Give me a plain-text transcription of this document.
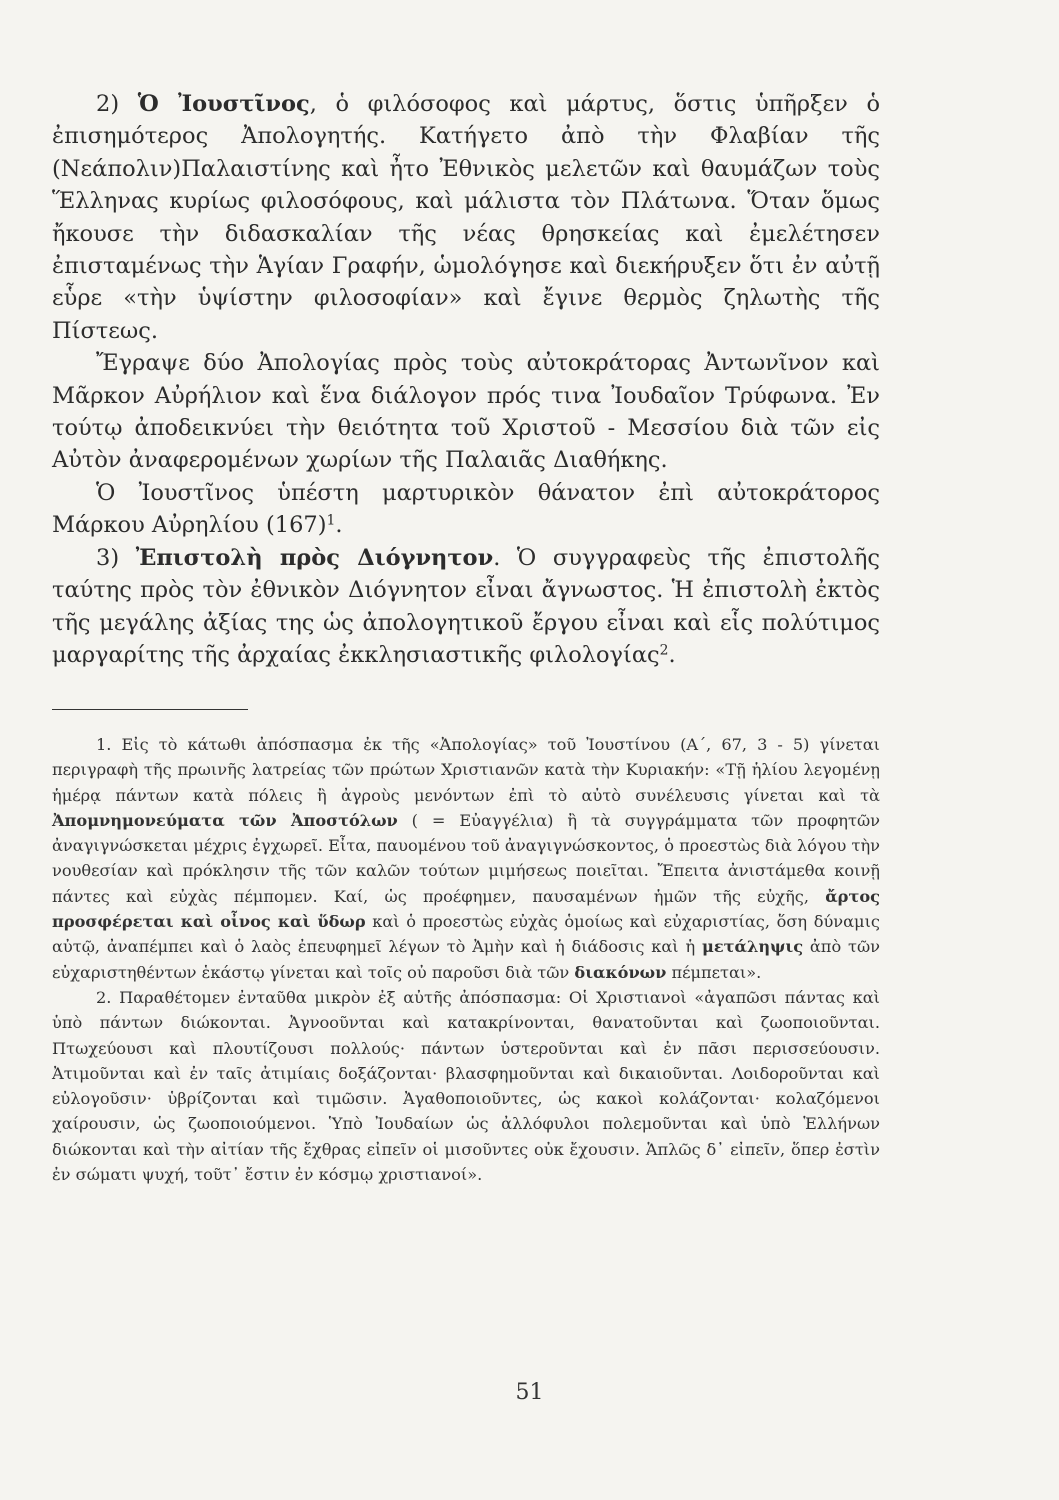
2) Ὁ Ἰουστῖνος, ὁ φιλόσοφος καὶ μάρτυς, ὅστις ὑπῆρξεν ὁ ἐπισημότερος Ἀπολογητής. Κατήγετο ἀπὸ τὴν Φλαβίαν τῆς (Νεάπολιν)Παλαιστίνης καὶ ἦτο Ἐθνικὸς μελετῶν καὶ θαυμάζων τοὺς Ἕλληνας κυρίως φιλοσόφους, καὶ μάλιστα τὸν Πλάτωνα. Ὅταν ὅμως ἤκουσε τὴν διδασκαλίαν τῆς νέας θρησκείας καὶ ἐμελέτησεν ἐπισταμένως τὴν Ἁγίαν Γραφήν, ὡμολόγησε καὶ διεκήρυξεν ὅτι ἐν αὐτῇ εὗρε «τὴν ὑψίστην φιλοσοφίαν» καὶ ἔγινε θερμὸς ζηλωτὴς τῆς Πίστεως.

Ἔγραψε δύο Ἀπολογίας πρὸς τοὺς αὐτοκράτορας Ἀντωνῖνον καὶ Μᾶρκον Αὐρήλιον καὶ ἕνα διάλογον πρός τινα Ἰουδαῖον Τρύφωνα. Ἐν τούτῳ ἀποδεικνύει τὴν θειότητα τοῦ Χριστοῦ - Μεσσίου διὰ τῶν εἰς Αὐτὸν ἀναφερομένων χωρίων τῆς Παλαιᾶς Διαθήκης.

Ὁ Ἰουστῖνος ὑπέστη μαρτυρικὸν θάνατον ἐπὶ αὐτοκράτορος Μάρκου Αὐρηλίου $(167)^1$.

3) Ἐπιστολὴ πρὸς Διόγνητον. Ὁ συγγραφεὺς τῆς ἐπιστολῆς ταύτης πρὸς τὸν ἐθνικὸν Διόγνητον εἶναι ἄγνωστος. Ἡ ἐπιστολὴ ἐκτὸς τῆς μεγάλης ἀξίας της ὡς ἀπολογητικοῦ ἔργου εἶναι καὶ εἷς πολύτιμος μαργαρίτης τῆς ἀρχαίας ἐκκλησιαστικῆς φιλολογίας$^2$.

1. Εἰς τὸ κάτωθι ἀπόσπασμα ἐκ τῆς «Ἀπολογίας» τοῦ Ἰουστίνου (Α΄, 67, 3 - 5) γίνεται περιγραφὴ τῆς πρωινῆς λατρείας τῶν πρώτων Χριστιανῶν κατὰ τὴν Κυριακήν: «Τῇ ἡλίου λεγομένῃ ἡμέρᾳ πάντων κατὰ πόλεις ἢ ἀγροὺς μενόντων ἐπὶ τὸ αὐτὸ συνέλευσις γίνεται καὶ τὰ Ἀπομνημονεύματα τῶν Ἀποστόλων ( = Εὐαγγέλια) ἢ τὰ συγγράμματα τῶν προφητῶν ἀναγιγνώσκεται μέχρις ἐγχωρεῖ. Εἶτα, παυομένου τοῦ ἀναγιγνώσκοντος, ὁ προεστὼς διὰ λόγου τὴν νουθεσίαν καὶ πρόκλησιν τῆς τῶν καλῶν τούτων μιμήσεως ποιεῖται. Ἔπειτα ἀνιστάμεθα κοινῇ πάντες καὶ εὐχὰς πέμπομεν. Καί, ὡς προέφημεν, παυσαμένων ἡμῶν τῆς εὐχῆς, ἄρτος προσφέρεται καὶ οἶνος καὶ ὕδωρ καὶ ὁ προεστὼς εὐχὰς ὁμοίως καὶ εὐχαριστίας, ὅση δύναμις αὐτῷ, ἀναπέμπει καὶ ὁ λαὸς ἐπευφημεῖ λέγων τὸ Ἀμὴν καὶ ἡ διάδοσις καὶ ἡ μετάληψις ἀπὸ τῶν εὐχαριστηθέντων ἑκάστῳ γίνεται καὶ τοῖς οὐ παροῦσι διὰ τῶν διακόνων πέμπεται».

2. Παραθέτομεν ἐνταῦθα μικρὸν ἐξ αὐτῆς ἀπόσπασμα: Οἱ Χριστιανοὶ «ἀγαπῶσι πάντας καὶ ὑπὸ πάντων διώκονται. Ἀγνοοῦνται καὶ κατακρίνονται, θανατοῦνται καὶ ζωοποιοῦνται. Πτωχεύουσι καὶ πλουτίζουσι πολλούς· πάντων ὑστεροῦνται καὶ ἐν πᾶσι περισσεύουσιν. Ἀτιμοῦνται καὶ ἐν ταῖς ἀτιμίαις δοξάζονται· βλασφημοῦνται καὶ δικαιοῦνται. Λοιδοροῦνται καὶ εὐλογοῦσιν· ὑβρίζονται καὶ τιμῶσιν. Ἀγαθοποιοῦντες, ὡς κακοὶ κολάζονται· κολαζόμενοι χαίρουσιν, ὡς ζωοποιούμενοι. Ὑπὸ Ἰουδαίων ὡς ἀλλόφυλοι πολεμοῦνται καὶ ὑπὸ Ἑλλήνων διώκονται καὶ τὴν αἰτίαν τῆς ἔχθρας εἰπεῖν οἱ μισοῦντες οὐκ ἔχουσιν. Ἁπλῶς δ᾽ εἰπεῖν, ὅπερ ἐστὶν ἐν σώματι ψυχή, τοῦτ᾽ ἔστιν ἐν κόσμῳ χριστιανοί».

51
